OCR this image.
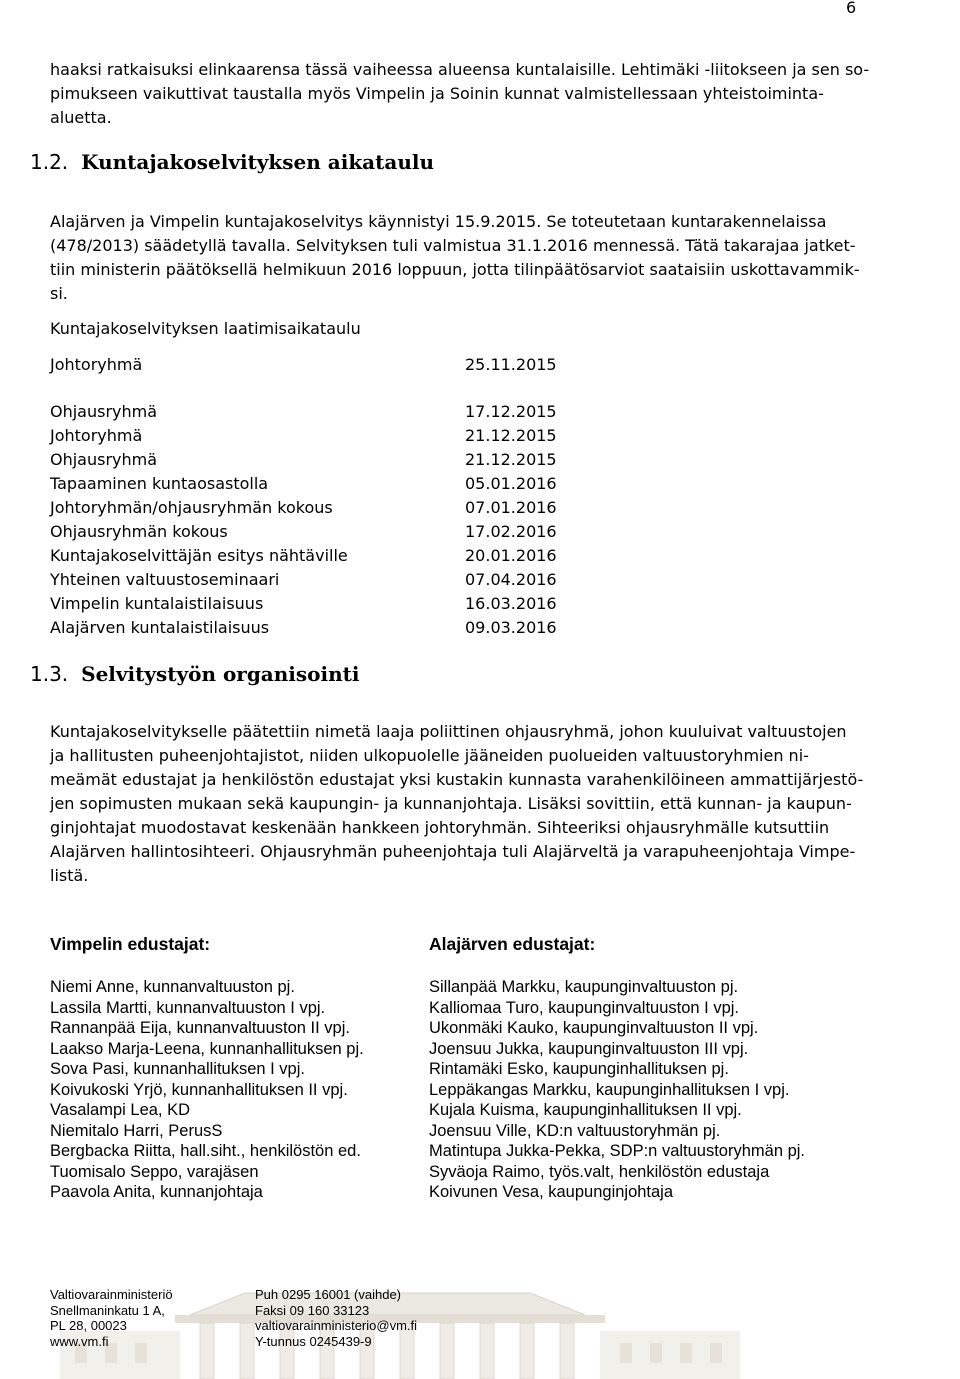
6
haaksi ratkaisuksi elinkaarensa tässä vaiheessa alueensa kuntalaisille. Lehtimäki -liitokseen ja sen so-
pimukseen vaikuttivat taustalla myös Vimpelin ja Soinin kunnat valmistellessaan yhteistoiminta-
aluetta.
1.2. Kuntajakoselvityksen aikataulu
Alajärven ja Vimpelin kuntajakoselvitys käynnistyi 15.9.2015. Se toteutetaan kuntarakennelaissa
(478/2013) säädetyllä tavalla. Selvityksen tuli valmistua 31.1.2016 mennessä. Tätä takarajaa jatket-
tiin ministerin päätöksellä helmikuun 2016 loppuun, jotta tilinpäätösarviot saataisiin uskottavammik-
si.
Kuntajakoselvityksen laatimisaikataulu
Johtoryhmä	25.11.2015
Ohjausryhmä	17.12.2015
Johtoryhmä	21.12.2015
Ohjausryhmä	21.12.2015
Tapaaminen kuntaosastolla	05.01.2016
Johtoryhmän/ohjausryhmän kokous	07.01.2016
Ohjausryhmän kokous	17.02.2016
Kuntajakoselvittäjän esitys nähtäville	20.01.2016
Yhteinen valtuustoseminaari	07.04.2016
Vimpelin kuntalaistilaisuus	16.03.2016
Alajärven kuntalaistilaisuus	09.03.2016
1.3. Selvitystyön organisointi
Kuntajakoselvitykselle päätettiin nimetä laaja poliittinen ohjausryhmä, johon kuuluivat valtuustojen
ja hallitusten puheenjohtajistot, niiden ulkopuolelle jääneiden puolueiden valtuustoryhmien ni-
meämät edustajat ja henkilöstön edustajat yksi kustakin kunnasta varahenkilöineen ammattijärjestö-
jen sopimusten mukaan sekä kaupungin- ja kunnanjohtaja. Lisäksi sovittiin, että kunnan- ja kaupun-
ginjohtajat muodostavat keskenään hankkeen johtoryhmän. Sihteeriksi ohjausryhmälle kutsuttiin
Alajärven hallintosihteeri. Ohjausryhmän puheenjohtaja tuli Alajärveltä ja varapuheenjohtaja Vimpe-
listä.
Vimpelin edustajat:
Niemi Anne, kunnanvaltuuston pj.
Lassila Martti, kunnanvaltuuston I vpj.
Rannanpää Eija, kunnanvaltuuston II vpj.
Laakso Marja-Leena, kunnanhallituksen pj.
Sova Pasi, kunnanhallituksen I vpj.
Koivukoski Yrjö, kunnanhallituksen II vpj.
Vasalampi Lea, KD
Niemitalo Harri, PerusS
Bergbacka Riitta, hall.siht., henkilöstön ed.
Tuomisalo Seppo, varajäsen
Paavola Anita, kunnanjohtaja
Alajärven edustajat:
Sillanpää Markku, kaupunginvaltuuston pj.
Kalliomaa Turo, kaupunginvaltuuston I vpj.
Ukonmäki Kauko, kaupunginvaltuuston II vpj.
Joensuu Jukka, kaupunginvaltuuston III vpj.
Rintamäki Esko, kaupunginhallituksen pj.
Leppäkangas Markku, kaupunginhallituksen I vpj.
Kujala Kuisma, kaupunginhallituksen II vpj.
Joensuu Ville, KD:n valtuustoryhmän pj.
Matintupa Jukka-Pekka, SDP:n valtuustoryhmän pj.
Syväoja Raimo, työs.valt, henkilöstön edustaja
Koivunen Vesa, kaupunginjohtaja
Valtiovarainministeriö
Snellmaninkatu 1 A,
PL 28, 00023
www.vm.fi
Puh 0295 16001 (vaihde)
Faksi 09 160 33123
valtiovarainministerio@vm.fi
Y-tunnus 0245439-9
